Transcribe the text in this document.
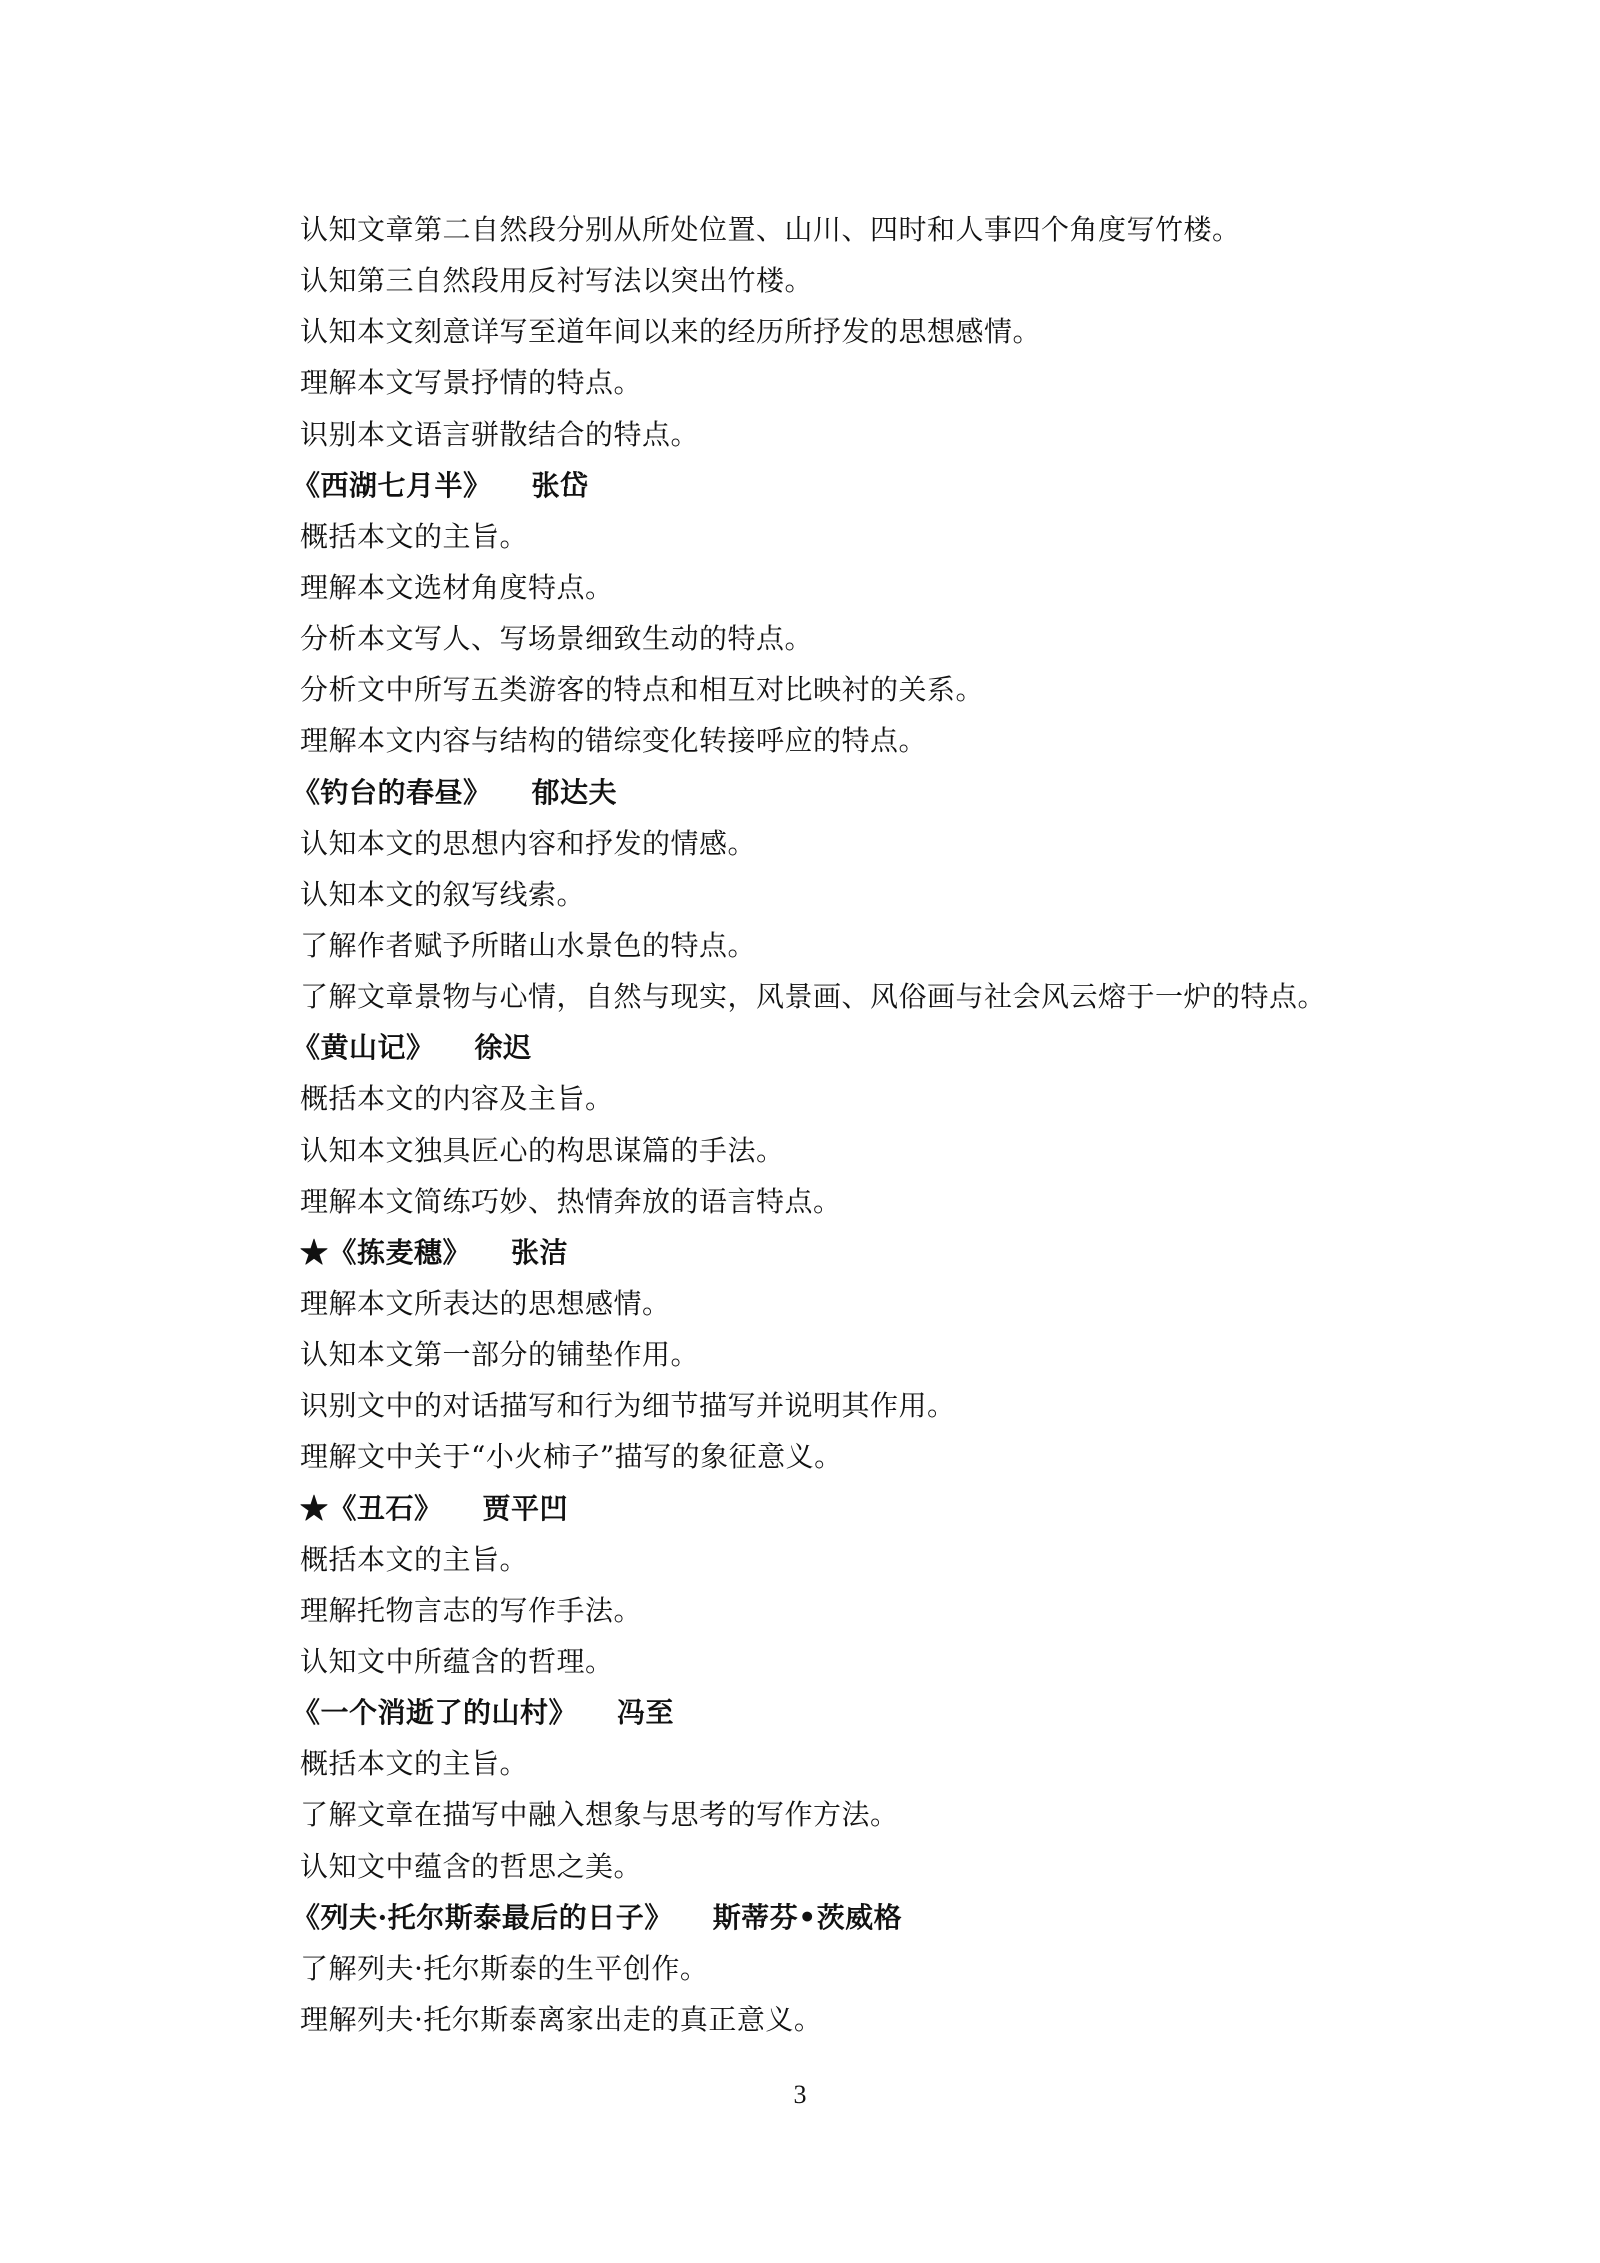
认知文章第二自然段分别从所处位置、山川、四时和人事四个角度写竹楼。
认知第三自然段用反衬写法以突出竹楼。
认知本文刻意详写至道年间以来的经历所抒发的思想感情。
理解本文写景抒情的特点。
识别本文语言骈散结合的特点。
《西湖七月半》 张岱
概括本文的主旨。
理解本文选材角度特点。
分析本文写人、写场景细致生动的特点。
分析文中所写五类游客的特点和相互对比映衬的关系。
理解本文内容与结构的错综变化转接呼应的特点。
《钓台的春昼》 郁达夫
认知本文的思想内容和抒发的情感。
认知本文的叙写线索。
了解作者赋予所睹山水景色的特点。
了解文章景物与心情，自然与现实，风景画、风俗画与社会风云熔于一炉的特点。
《黄山记》 徐迟
概括本文的内容及主旨。
认知本文独具匠心的构思谋篇的手法。
理解本文简练巧妙、热情奔放的语言特点。
★《拣麦穗》 张洁
理解本文所表达的思想感情。
认知本文第一部分的铺垫作用。
识别文中的对话描写和行为细节描写并说明其作用。
理解文中关于“小火柿子”描写的象征意义。
★《丑石》 贾平凹
概括本文的主旨。
理解托物言志的写作手法。
认知文中所蕴含的哲理。
《一个消逝了的山村》 冯至
概括本文的主旨。
了解文章在描写中融入想象与思考的写作方法。
认知文中蕴含的哲思之美。
《列夫·托尔斯泰最后的日子》 斯蒂芬•茨威格
了解列夫·托尔斯泰的生平创作。
理解列夫·托尔斯泰离家出走的真正意义。
3
